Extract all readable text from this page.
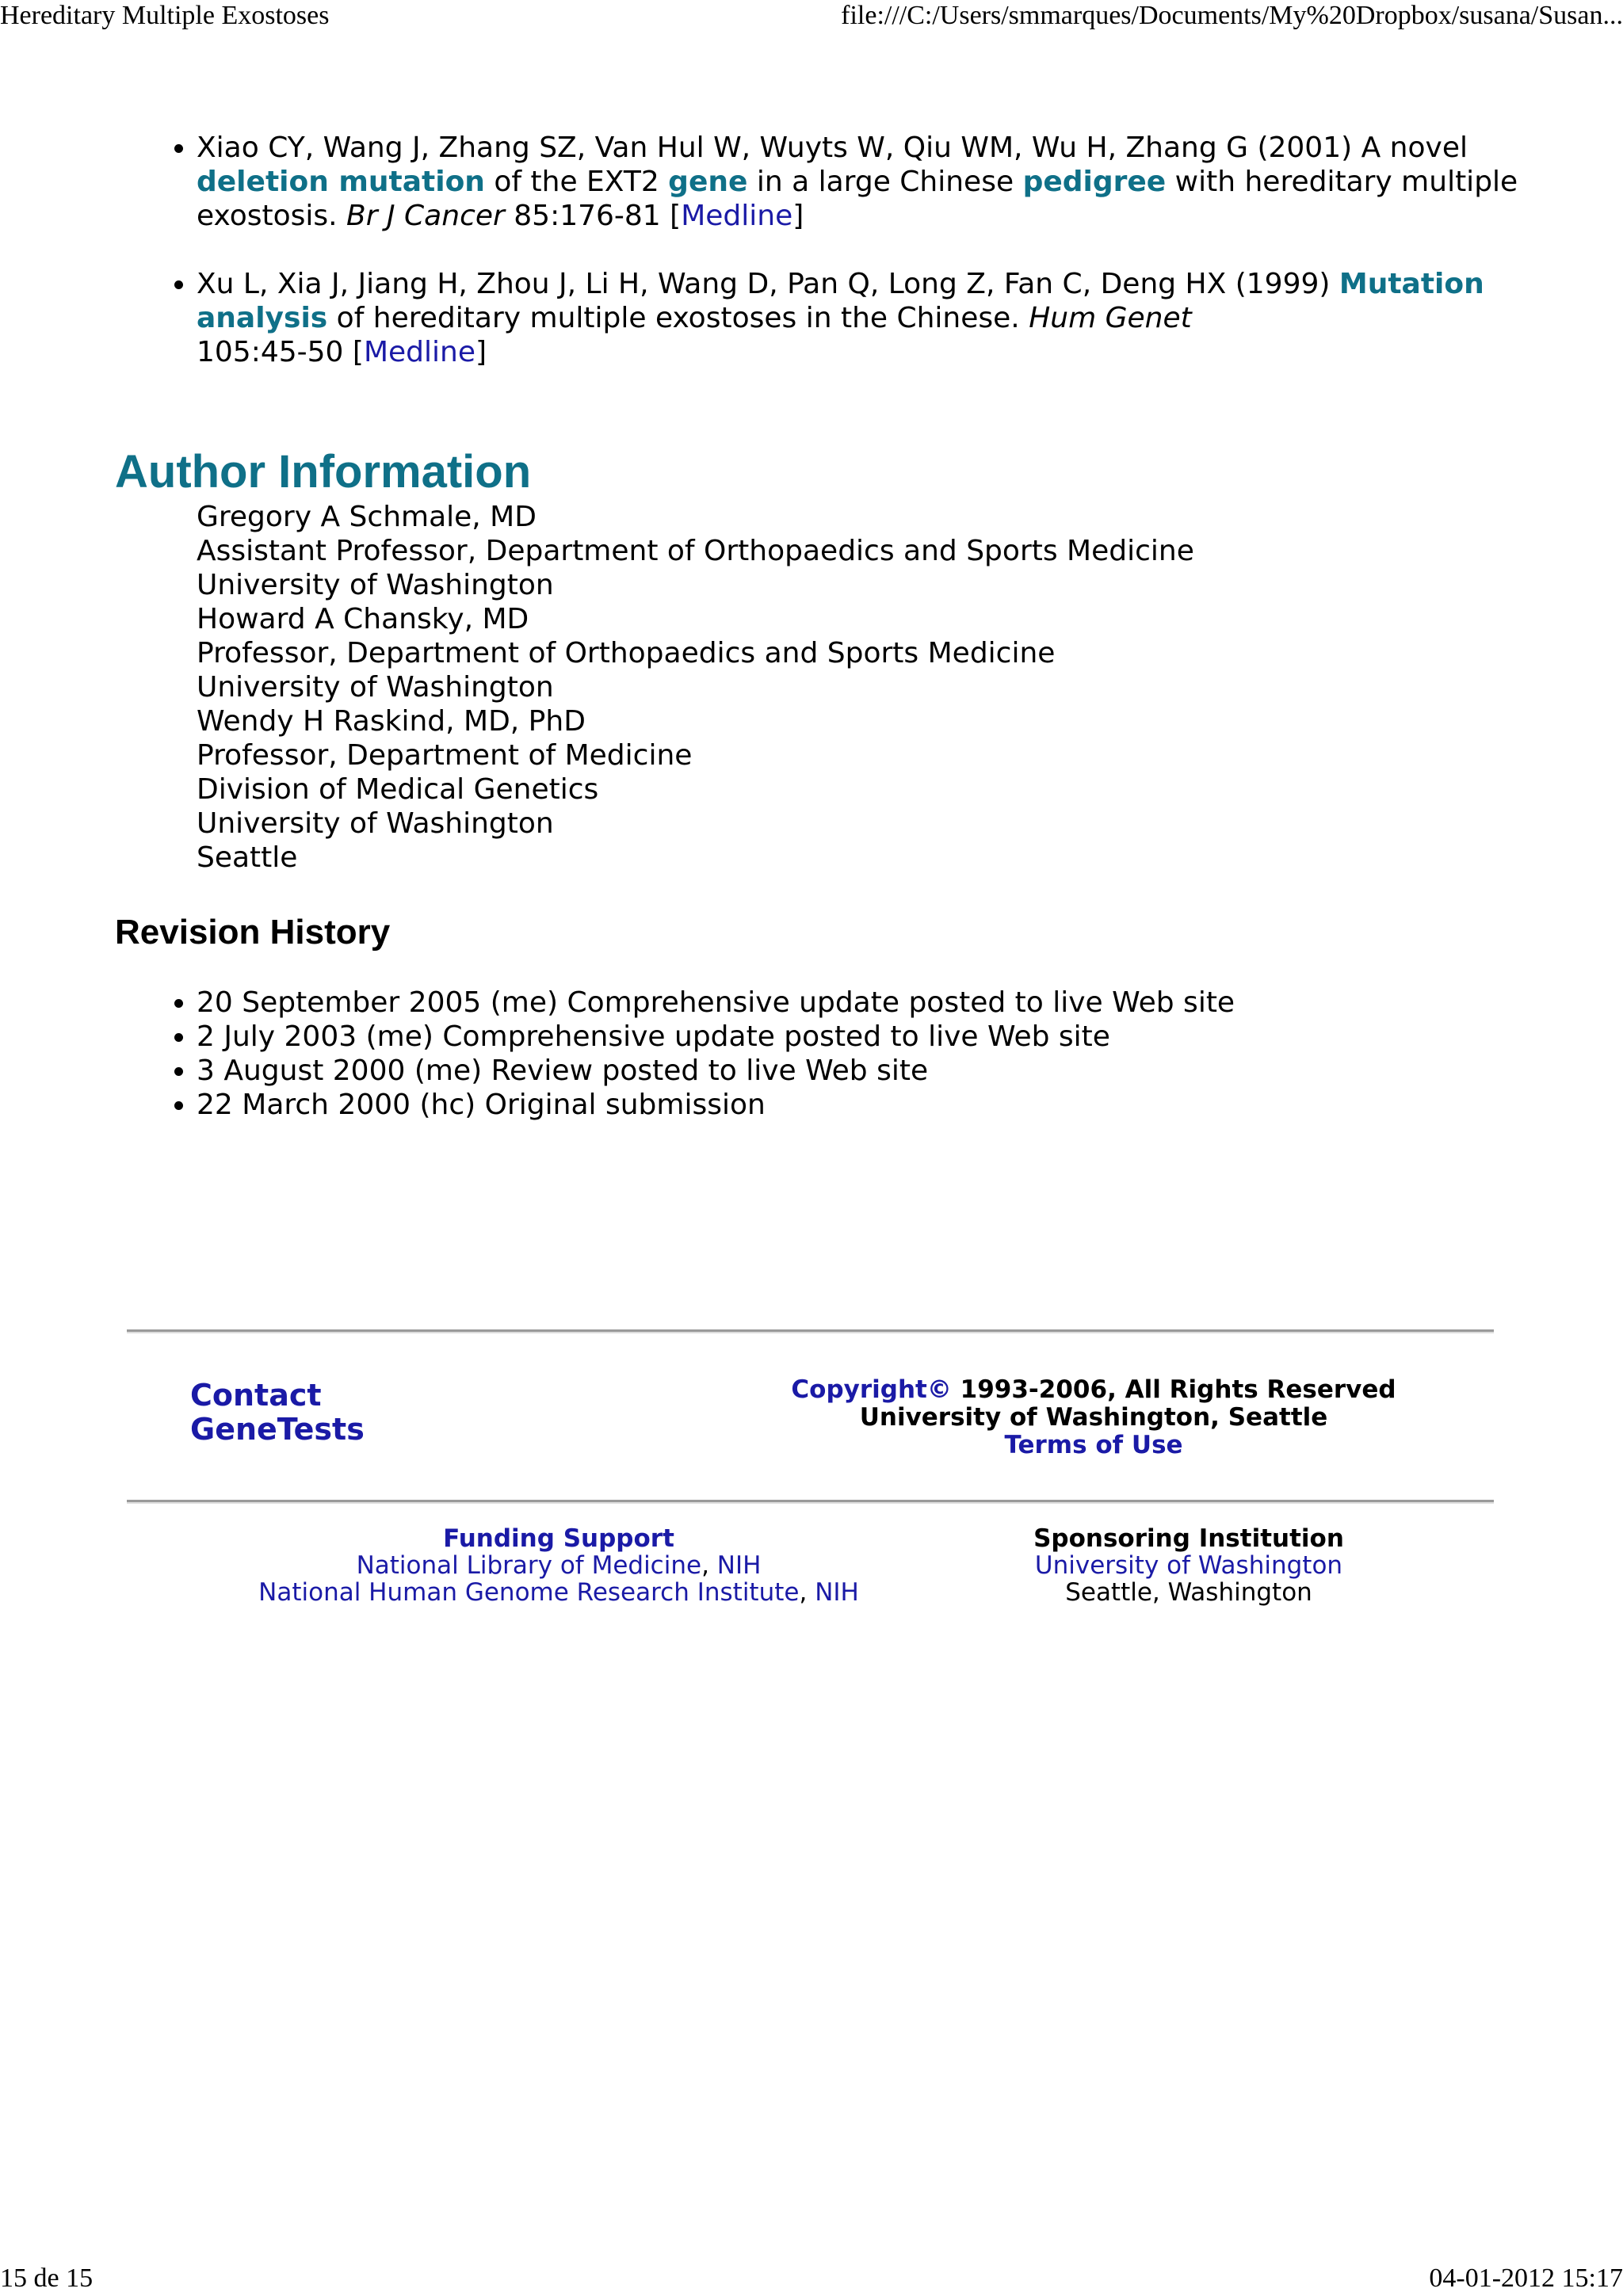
Hereditary Multiple Exostoses	file:///C:/Users/smmarques/Documents/My%20Dropbox/susana/Susan...
• Xiao CY, Wang J, Zhang SZ, Van Hul W, Wuyts W, Qiu WM, Wu H, Zhang G (2001) A novel deletion mutation of the EXT2 gene in a large Chinese pedigree with hereditary multiple exostosis. Br J Cancer 85:176-81 [Medline]
• Xu L, Xia J, Jiang H, Zhou J, Li H, Wang D, Pan Q, Long Z, Fan C, Deng HX (1999) Mutation analysis of hereditary multiple exostoses in the Chinese. Hum Genet
105:45-50 [Medline]
Author Information
Gregory A Schmale, MD
Assistant Professor, Department of Orthopaedics and Sports Medicine
University of Washington
Howard A Chansky, MD
Professor, Department of Orthopaedics and Sports Medicine
University of Washington
Wendy H Raskind, MD, PhD
Professor, Department of Medicine
Division of Medical Genetics
University of Washington
Seattle
Revision History
• 20 September 2005 (me) Comprehensive update posted to live Web site
• 2 July 2003 (me) Comprehensive update posted to live Web site
• 3 August 2000 (me) Review posted to live Web site
• 22 March 2000 (hc) Original submission
Contact
GeneTests
Copyright© 1993-2006, All Rights Reserved
University of Washington, Seattle
Terms of Use
Funding Support
National Library of Medicine, NIH
National Human Genome Research Institute, NIH
Sponsoring Institution
University of Washington
Seattle, Washington
15 de 15	04-01-2012 15:17
